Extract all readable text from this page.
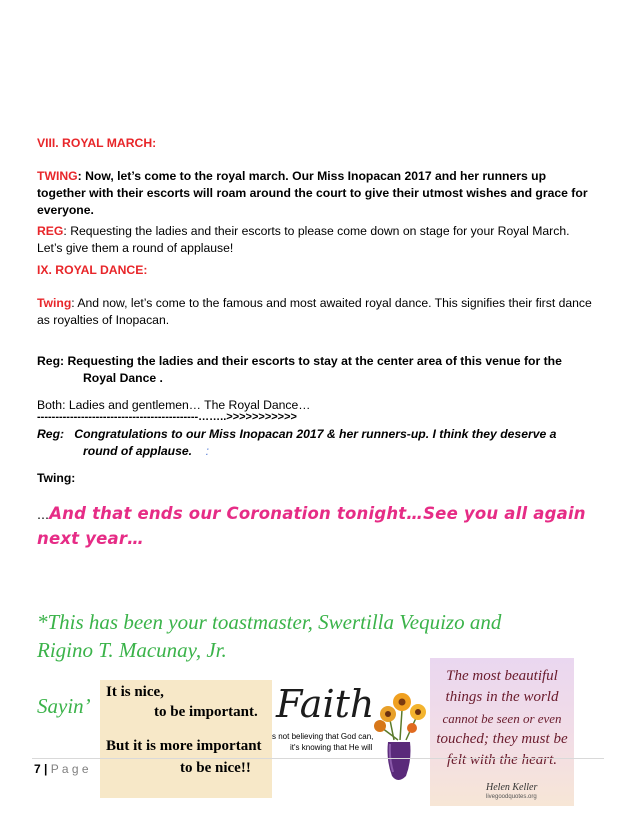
VIII. ROYAL MARCH:
TWING: Now, let’s come to the royal march. Our Miss Inopacan 2017 and her runners up together with their escorts will roam around the court to give their utmost wishes and grace for everyone.
REG: Requesting the ladies and their escorts to please come down on stage for your Royal March. Let’s give them a round of applause!
IX. ROYAL DANCE:
Twing: And now, let’s come to the famous and most awaited royal dance. This signifies their first dance as royalties of Inopacan.
Reg: Requesting the ladies and their escorts to stay at the center area of this venue for the
Royal Dance .
Both: Ladies and gentlemen… The Royal Dance…
--------------------------------------------……..>>>>>>>>>>>
Reg: Congratulations to our Miss Inopacan 2017 & her runners-up. I think they deserve a
round of applause. :
Twing:
…And that ends our Coronation tonight…See you all again
next year…
*This has been your toastmaster, Swertilla Vequizo and
Rigino T. Macunay, Jr.
Sayin’
It is nice,
to be important.
But it is more important
to be nice!!
Faith
s not believing that God can,
it's knowing that He will
The most beautiful
things in the world
cannot be seen or even
touched; they must be
felt with the heart.
Helen Keller
livegoodquotes.org
7 | P a g e
